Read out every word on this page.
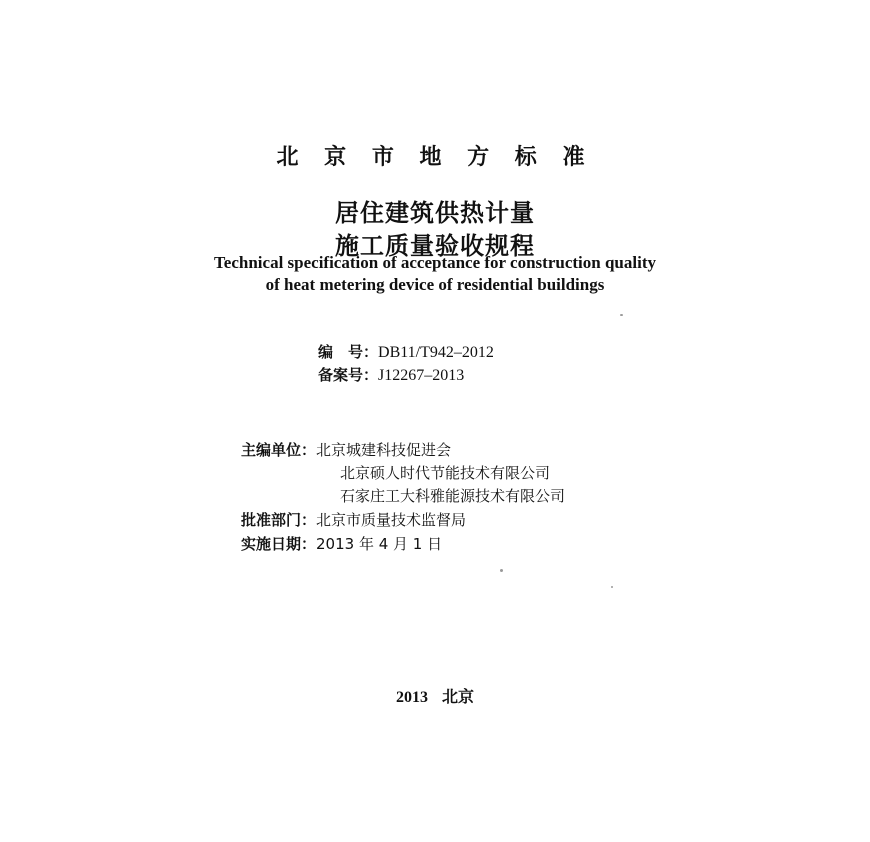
北 京 市 地 方 标 准
居住建筑供热计量
施工质量验收规程
Technical specification of acceptance for construction quality
of heat metering device of residential buildings
编　号：DB11/T942–2012
备案号：J12267–2013
主编单位：北京城建科技促进会
北京硕人时代节能技术有限公司
石家庄工大科雅能源技术有限公司
批准部门：北京市质量技术监督局
实施日期：2013 年 4 月 1 日
2013 北京
